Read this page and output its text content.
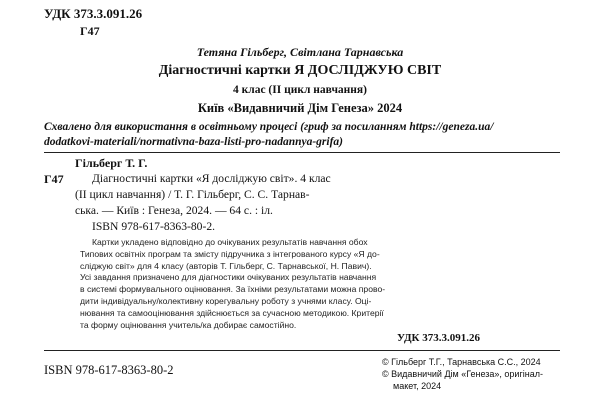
УДК 373.3.091.26
Г47
Тетяна Гільберг, Світлана Тарнавська
Діагностичні картки Я ДОСЛІДЖУЮ СВІТ
4 клас (ІІ цикл навчання)
Київ «Видавничий Дім Генеза» 2024
Схвалено для використання в освітньому процесі (гриф за посиланням https://geneza.ua/
dodatkovi-materiali/normativna-baza-listi-pro-nadannya-grifa)
Гільберг Т. Г.
Г47 Діагностичні картки «Я досліджую світ». 4 клас
(ІІ цикл навчання) / Т. Г. Гільберг, С. С. Тарнав-
ська. — Київ : Генеза, 2024. — 64 с. : іл.
ISBN 978-617-8363-80-2.
Картки укладено відповідно до очікуваних результатів навчання обох
Типових освітніх програм та змісту підручника з інтегрованого курсу «Я до-
сліджую світ» для 4 класу (авторів Т. Гільберг, С. Тарнавської, Н. Павич).
Усі завдання призначено для діагностики очікуваних результатів навчання
в системі формувального оцінювання. За їхніми результатами можна прово-
дити індивідуальну/колективну корегувальну роботу з учнями класу. Оці-
нювання та самооцінювання здійснюється за сучасною методикою. Критерії
та форму оцінювання учитель/ка добирає самостійно.
УДК 373.3.091.26
ISBN 978-617-8363-80-2
© Гільберг Т.Г., Тарнавська С.С., 2024
© Видавничий Дім «Генеза», оригінал-
макет, 2024
